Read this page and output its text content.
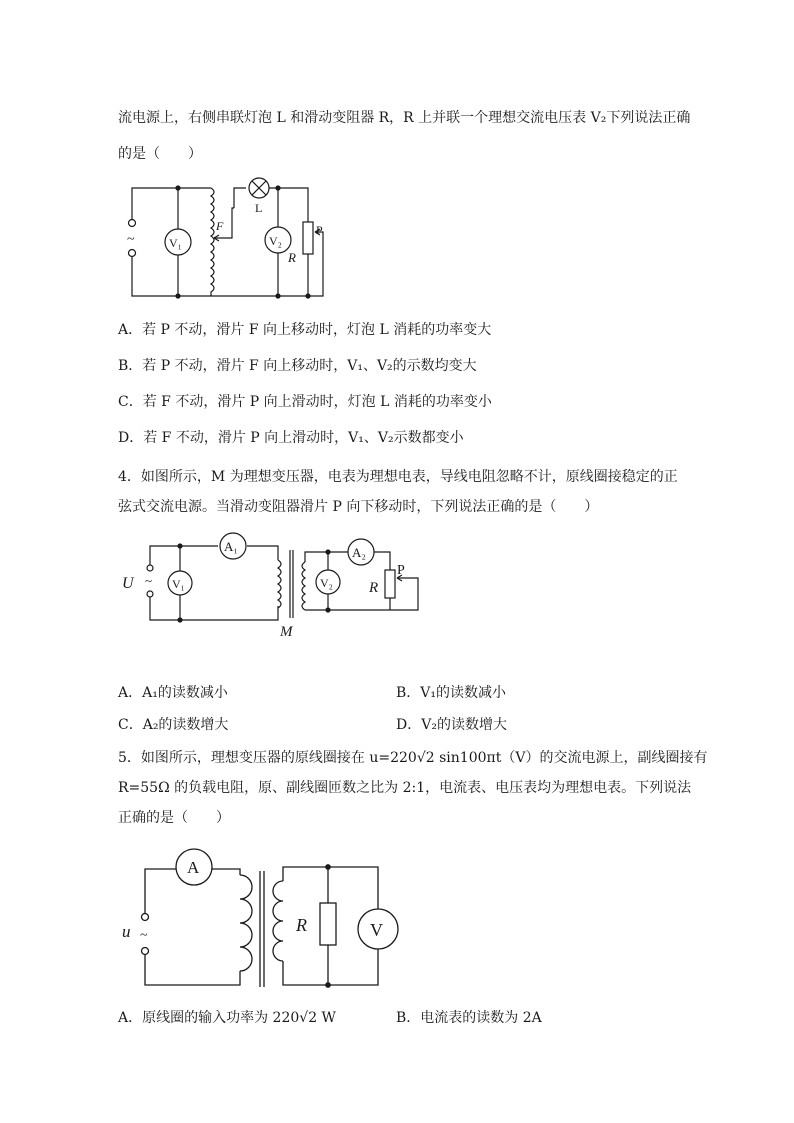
流电源上，右侧串联灯泡 L 和滑动变阻器 R，R 上并联一个理想交流电压表 V₂下列说法正确
的是（　　）
~	V₁
F
L
V₂
R
P
A．若 P 不动，滑片 F 向上移动时，灯泡 L 消耗的功率变大
B．若 P 不动，滑片 F 向上移动时，V₁、V₂的示数均变大
C．若 F 不动，滑片 P 向上滑动时，灯泡 L 消耗的功率变小
D．若 F 不动，滑片 P 向上滑动时，V₁、V₂示数都变小
4．如图所示，M 为理想变压器，电表为理想电表，导线电阻忽略不计，原线圈接稳定的正
弦式交流电源。当滑动变阻器滑片 P 向下移动时，下列说法正确的是（　　）
U ~ V₁
A₁
M
V₂
A₂
R
P
A．A₁的读数减小	B．V₁的读数减小
C．A₂的读数增大	D．V₂的读数增大
5．如图所示，理想变压器的原线圈接在 u=220√2 sin100πt（V）的交流电源上，副线圈接有
R=55Ω 的负载电阻，原、副线圈匝数之比为 2:1，电流表、电压表均为理想电表。下列说法
正确的是（　　）
u ~
A
R	V
A．原线圈的输入功率为 220√2 W	B．电流表的读数为 2A
